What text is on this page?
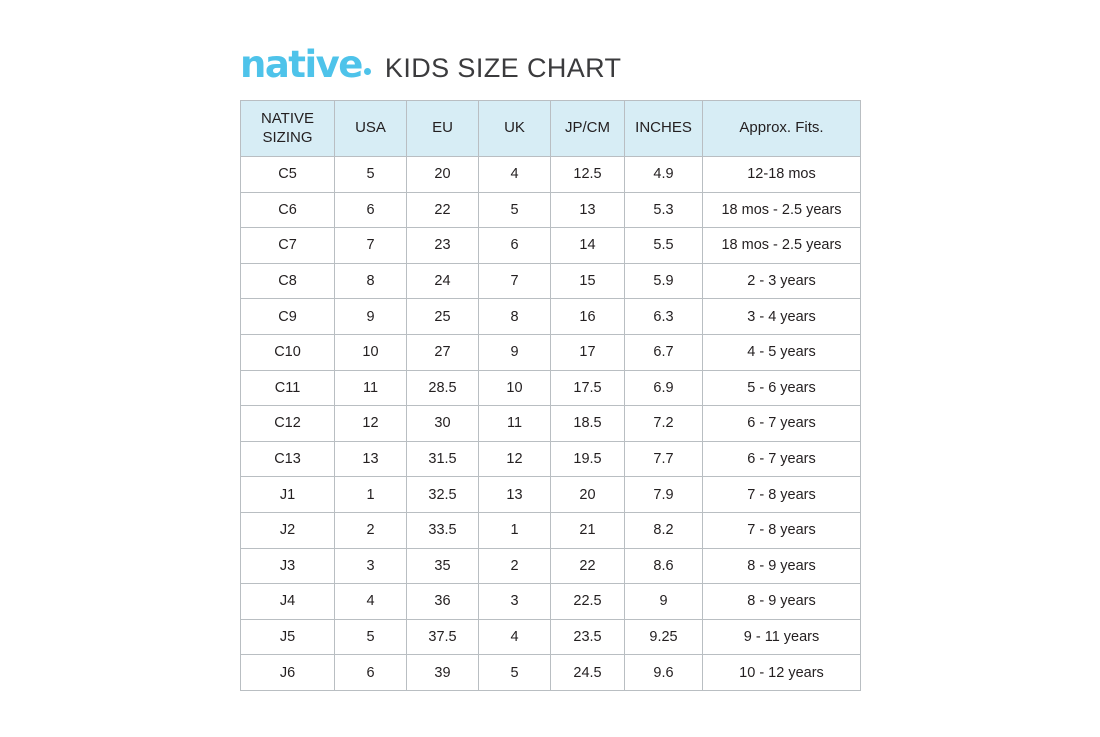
native KIDS SIZE CHART
NATIVE
SIZING	USA	EU	UK	JP/CM	INCHES	Approx. Fits.
C5	5	20	4	12.5	4.9	12-18 mos
C6	6	22	5	13	5.3	18 mos - 2.5 years
C7	7	23	6	14	5.5	18 mos - 2.5 years
C8	8	24	7	15	5.9	2 - 3 years
C9	9	25	8	16	6.3	3 - 4 years
C10	10	27	9	17	6.7	4 - 5 years
C11	11	28.5	10	17.5	6.9	5 - 6 years
C12	12	30	11	18.5	7.2	6 - 7 years
C13	13	31.5	12	19.5	7.7	6 - 7 years
J1	1	32.5	13	20	7.9	7 - 8 years
J2	2	33.5	1	21	8.2	7 - 8 years
J3	3	35	2	22	8.6	8 - 9 years
J4	4	36	3	22.5	9	8 - 9 years
J5	5	37.5	4	23.5	9.25	9 - 11 years
J6	6	39	5	24.5	9.6	10 - 12 years
